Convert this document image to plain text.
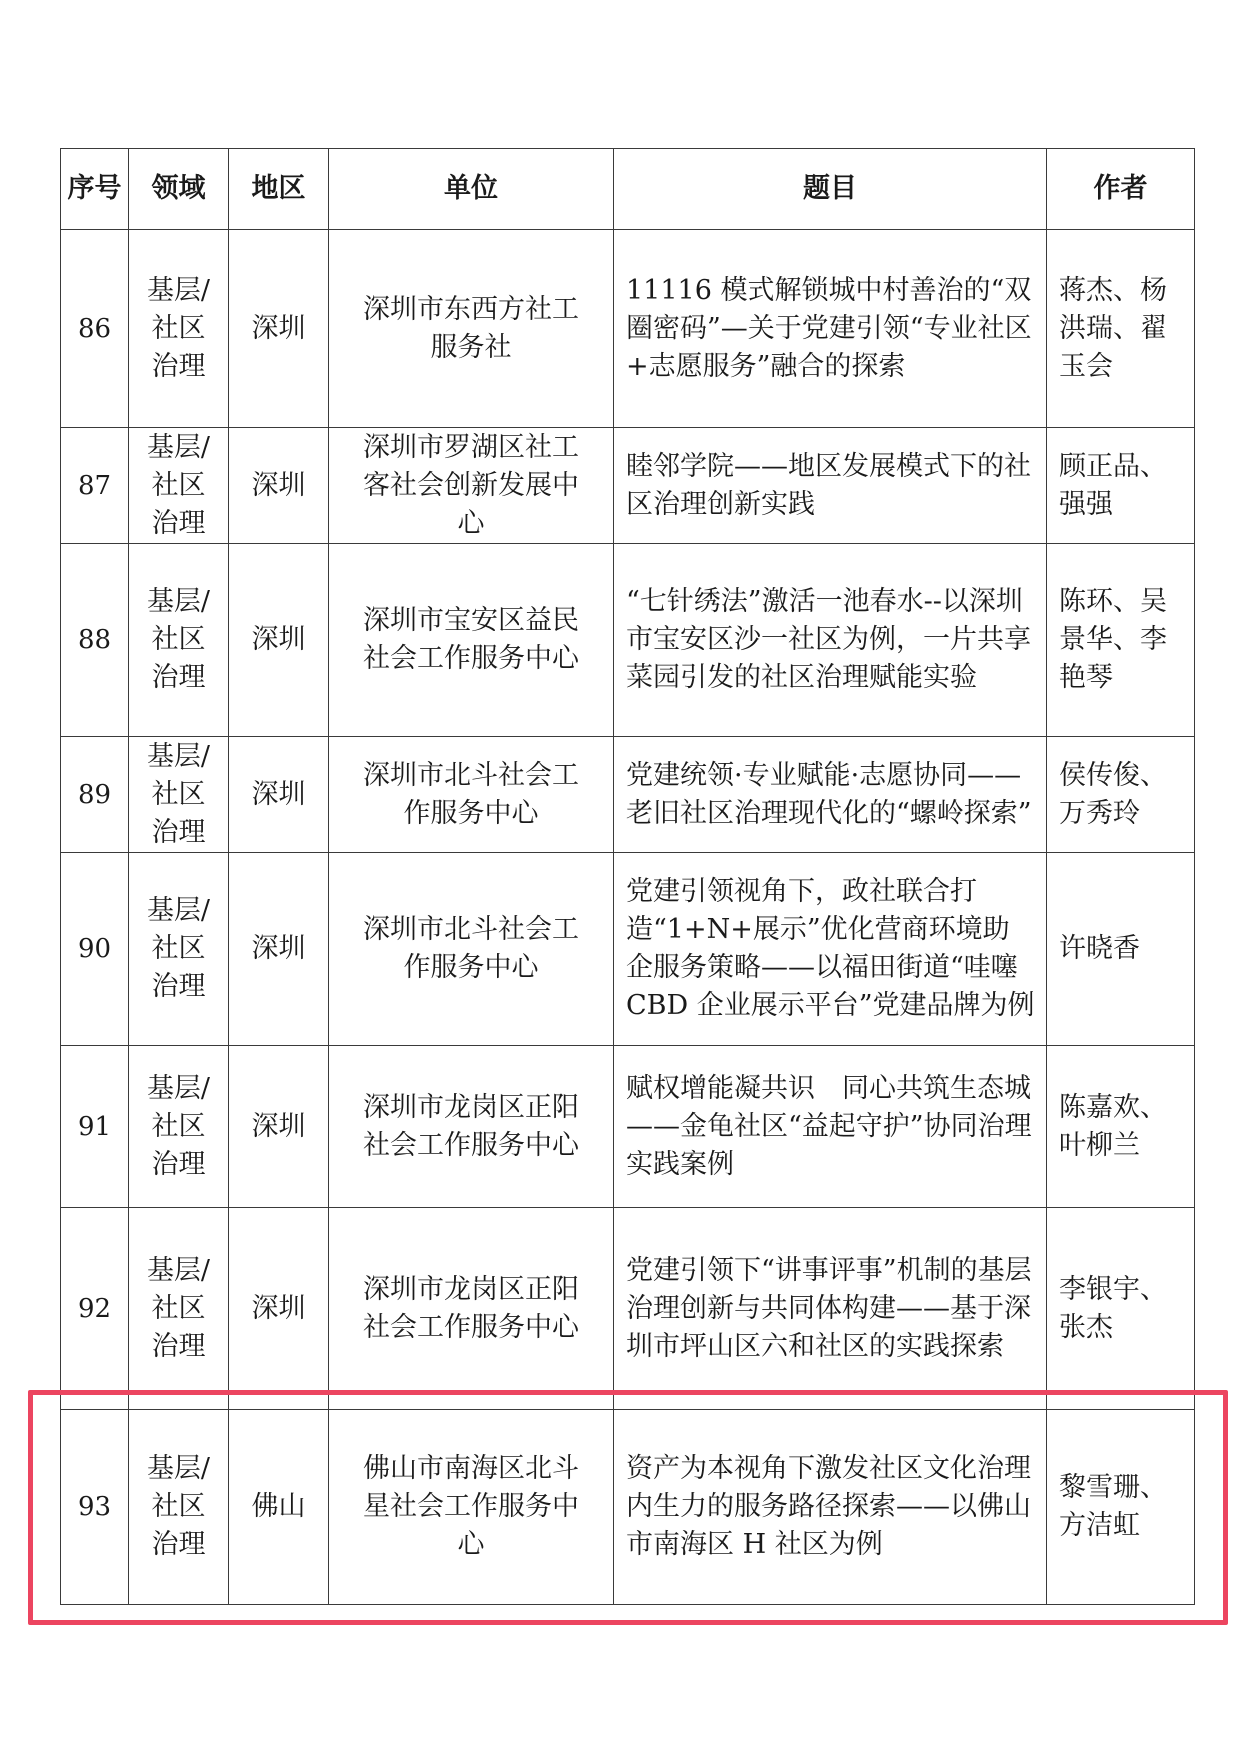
序号	领域	地区	单位	题目	作者
86	基层/社区治理	深圳	深圳市东西方社工服务社	11116 模式解锁城中村善治的“双圈密码”—关于党建引领“专业社区+志愿服务”融合的探索	蒋杰、杨洪瑞、翟玉会
87	基层/社区治理	深圳	深圳市罗湖区社工客社会创新发展中心	睦邻学院——地区发展模式下的社区治理创新实践	顾正品、强强
88	基层/社区治理	深圳	深圳市宝安区益民社会工作服务中心	“七针绣法”激活一池春水--以深圳市宝安区沙一社区为例，一片共享菜园引发的社区治理赋能实验	陈环、吴景华、李艳琴
89	基层/社区治理	深圳	深圳市北斗社会工作服务中心	党建统领·专业赋能·志愿协同——老旧社区治理现代化的“螺岭探索”	侯传俊、万秀玲
90	基层/社区治理	深圳	深圳市北斗社会工作服务中心	党建引领视角下，政社联合打造“1+N+展示”优化营商环境助企服务策略——以福田街道“哇噻CBD 企业展示平台”党建品牌为例	许晓香
91	基层/社区治理	深圳	深圳市龙岗区正阳社会工作服务中心	赋权增能凝共识　同心共筑生态城——金龟社区“益起守护”协同治理实践案例	陈嘉欢、叶柳兰
92	基层/社区治理	深圳	深圳市龙岗区正阳社会工作服务中心	党建引领下“讲事评事”机制的基层治理创新与共同体构建——基于深圳市坪山区六和社区的实践探索	李银宇、张杰
93	基层/社区治理	佛山	佛山市南海区北斗星社会工作服务中心	资产为本视角下激发社区文化治理内生力的服务路径探索——以佛山市南海区 H 社区为例	黎雪珊、方洁虹
